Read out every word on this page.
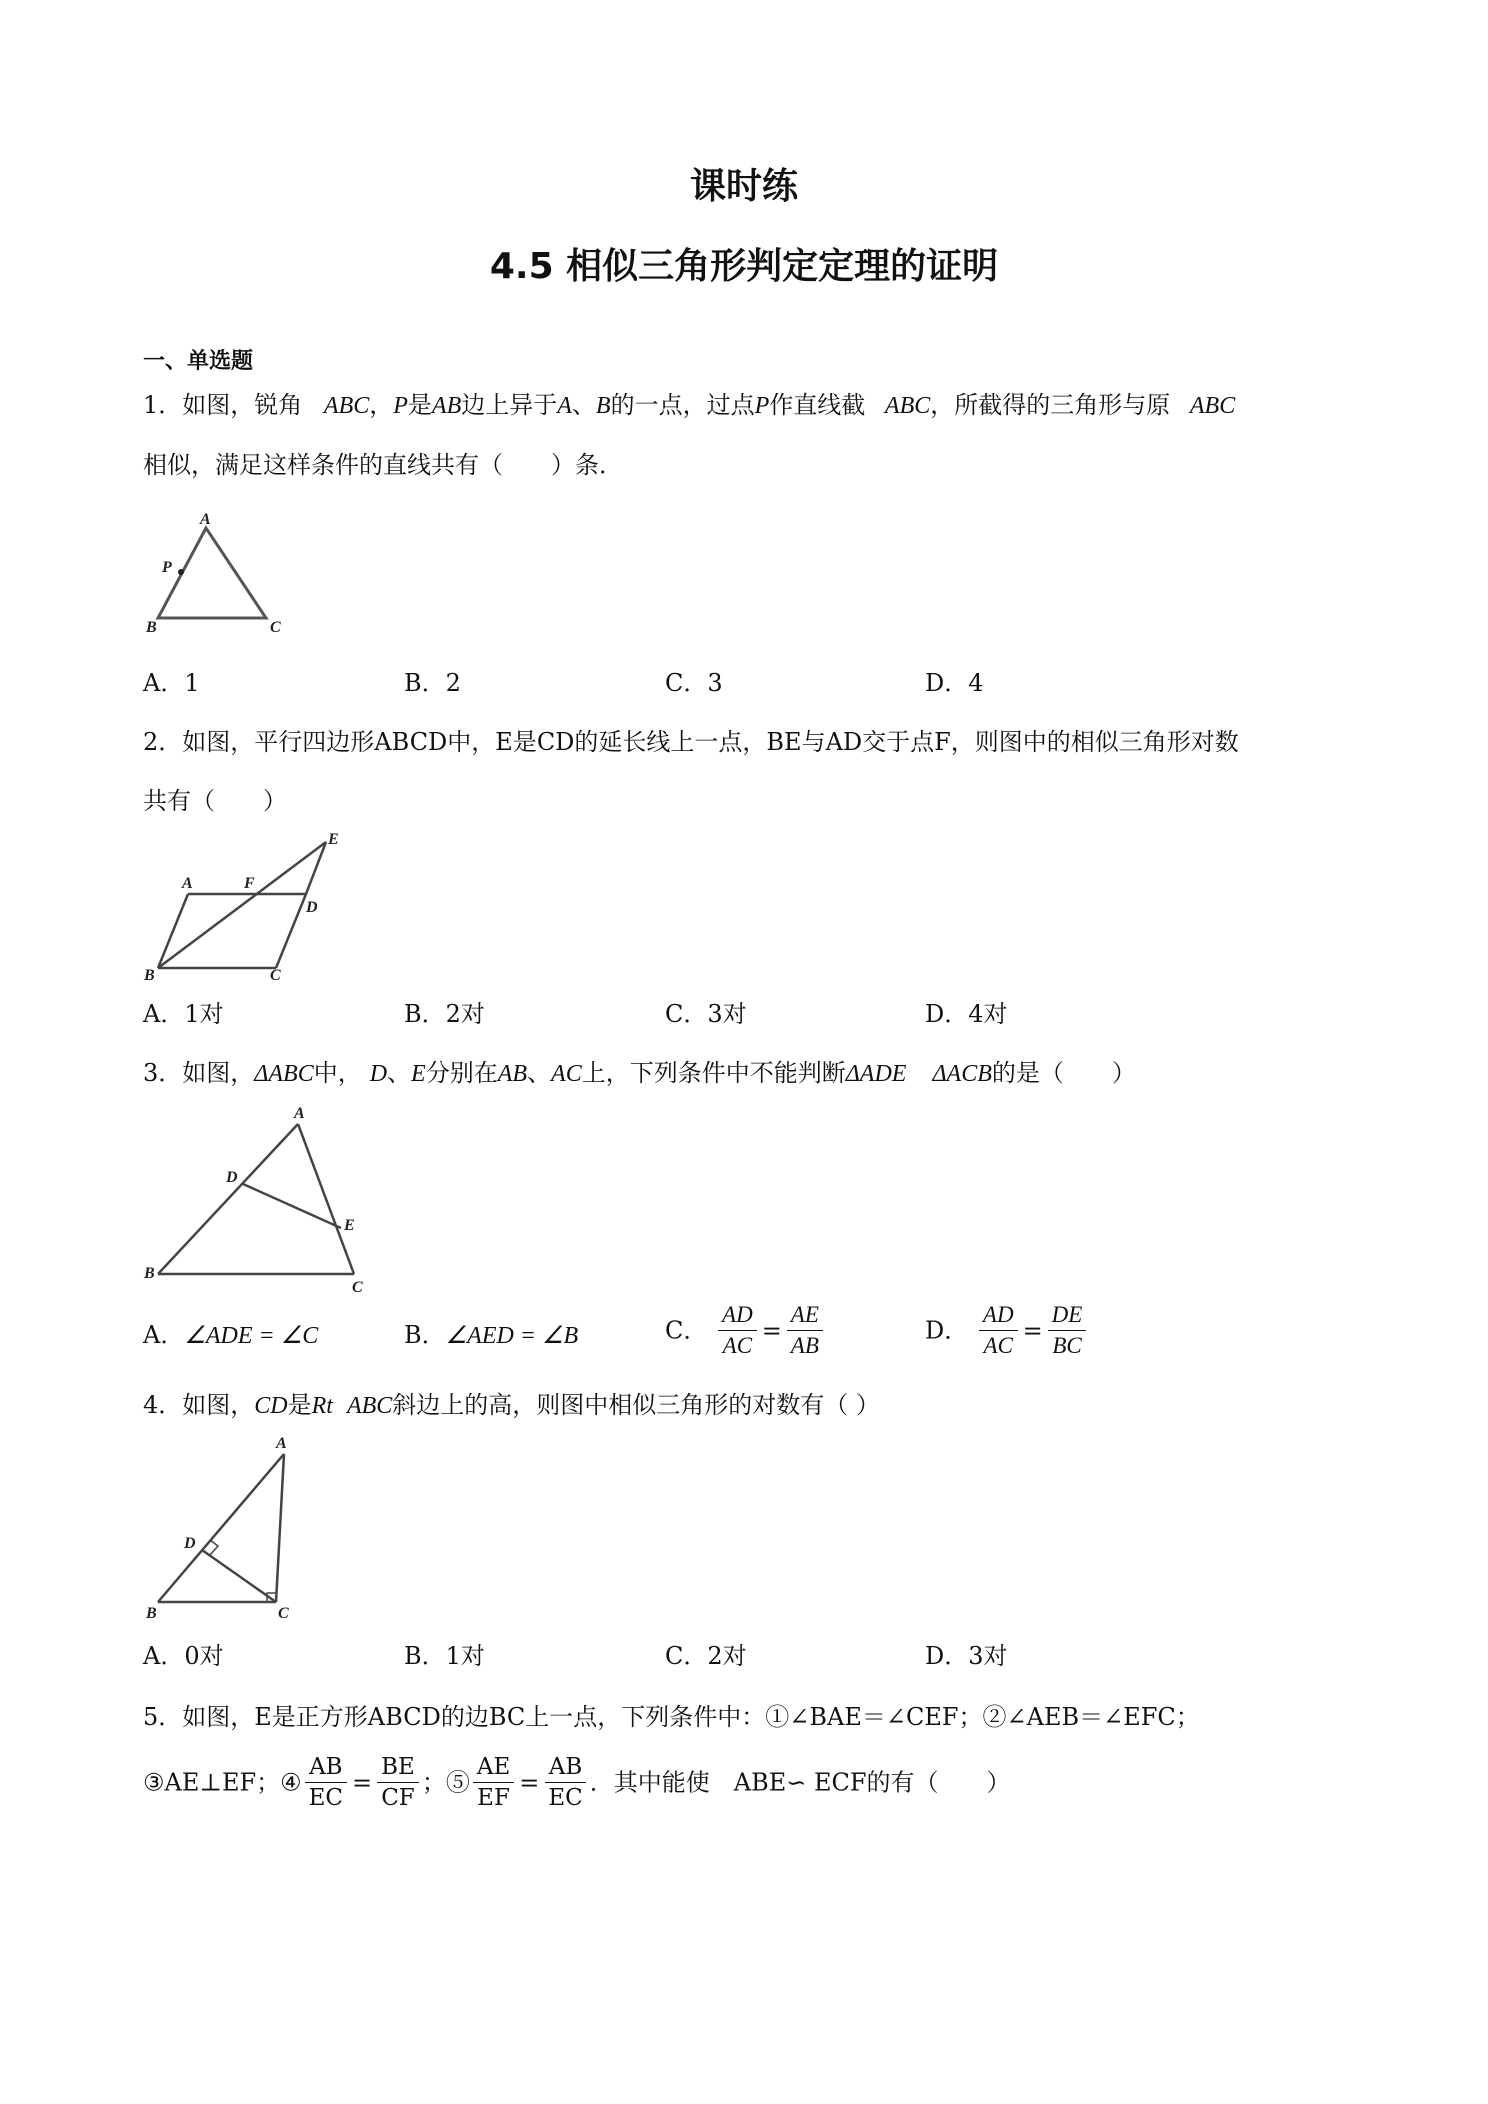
课时练
4.5 相似三角形判定定理的证明
一、单选题
1．如图，锐角 ABC，P是AB边上异于A、B的一点，过点P作直线截 ABC，所截得的三角形与原 ABC
相似，满足这样条件的直线共有（　　）条．
A
P
B	C
A．1	B．2	C．3	D．4
2．如图，平行四边形ABCD中，E是CD的延长线上一点，BE与AD交于点F，则图中的相似三角形对数
共有（　　）
E
A	F
D
B	C
A．1对	B．2对	C．3对	D．4对
3．如图，ΔABC中， D、E分别在AB、AC上，下列条件中不能判断ΔADE ΔACB的是（　　）
A
D
E
B
C
A．∠ADE = ∠C	B．∠AED = ∠B	C． $\frac{AD}{AC} = \frac{AE}{AB}$	D． $\frac{AD}{AC} = \frac{DE}{BC}$
4．如图，CD是Rt ABC斜边上的高，则图中相似三角形的对数有（ ）
A
D
B	C
A．0对	B．1对	C．2对	D．3对
5．如图，E是正方形ABCD的边BC上一点，下列条件中：①∠BAE＝∠CEF；②∠AEB＝∠EFC；
③AE⊥EF；④ $\frac{AB}{EC} = \frac{BE}{CF}$ ；⑤ $\frac{AE}{EF} = \frac{AB}{EC}$ ．其中能使　ABE∽ ECF的有（　　）
